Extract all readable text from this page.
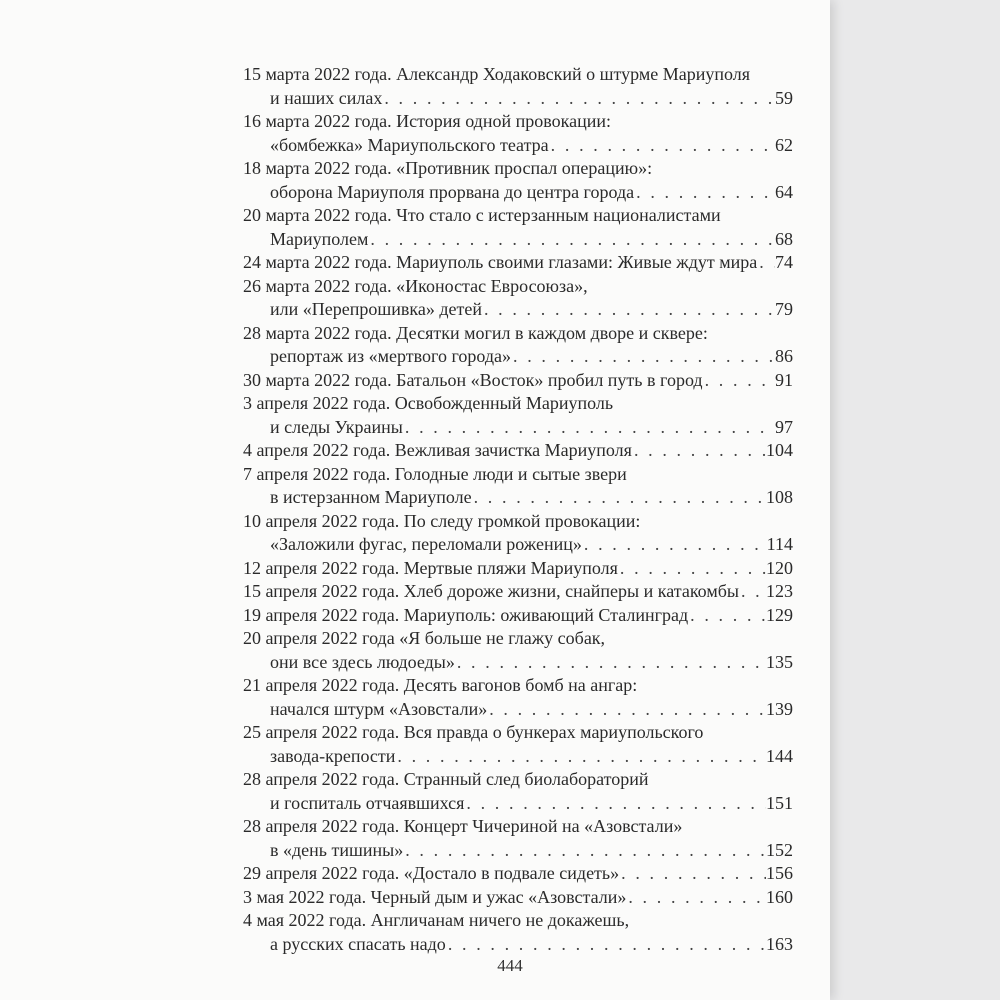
15 марта 2022 года. Александр Ходаковский о штурме Мариуполя
и наших силах . . .	59
16 марта 2022 года. История одной провокации:
«бомбежка» Мариупольского театра . . .	62
18 марта 2022 года. «Противник проспал операцию»:
оборона Мариуполя прорвана до центра города . . .	64
20 марта 2022 года. Что стало с истерзанным националистами
Мариуполем . . .	68
24 марта 2022 года. Мариуполь своими глазами: Живые ждут мира . . . 74
26 марта 2022 года. «Иконостас Евросоюза»,
или «Перепрошивка» детей . . .	79
28 марта 2022 года. Десятки могил в каждом дворе и сквере:
репортаж из «мертвого города» . . .	86
30 марта 2022 года. Батальон «Восток» пробил путь в город . . .	91
3 апреля 2022 года. Освобожденный Мариуполь
и следы Украины . . .	97
4 апреля 2022 года. Вежливая зачистка Мариуполя . . .	104
7 апреля 2022 года. Голодные люди и сытые звери
в истерзанном Мариуполе . . .	108
10 апреля 2022 года. По следу громкой провокации:
«Заложили фугас, переломали рожениц» . . .	114
12 апреля 2022 года. Мертвые пляжи Мариуполя . . .	120
15 апреля 2022 года. Хлеб дороже жизни, снайперы и катакомбы . . . 123
19 апреля 2022 года. Мариуполь: оживающий Сталинград . . .	129
20 апреля 2022 года «Я больше не глажу собак,
они все здесь людоеды» . . .	135
21 апреля 2022 года. Десять вагонов бомб на ангар:
начался штурм «Азовстали» . . .	139
25 апреля 2022 года. Вся правда о бункерах мариупольского
завода-крепости . . .	144
28 апреля 2022 года. Странный след биолабораторий
и госпиталь отчаявшихся . . .	151
28 апреля 2022 года. Концерт Чичериной на «Азовстали»
в «день тишины» . . .	152
29 апреля 2022 года. «Достало в подвале сидеть» . . .	156
3 мая 2022 года. Черный дым и ужас «Азовстали» . . .	160
4 мая 2022 года. Англичанам ничего не докажешь,
а русских спасать надо . . .	163
444
